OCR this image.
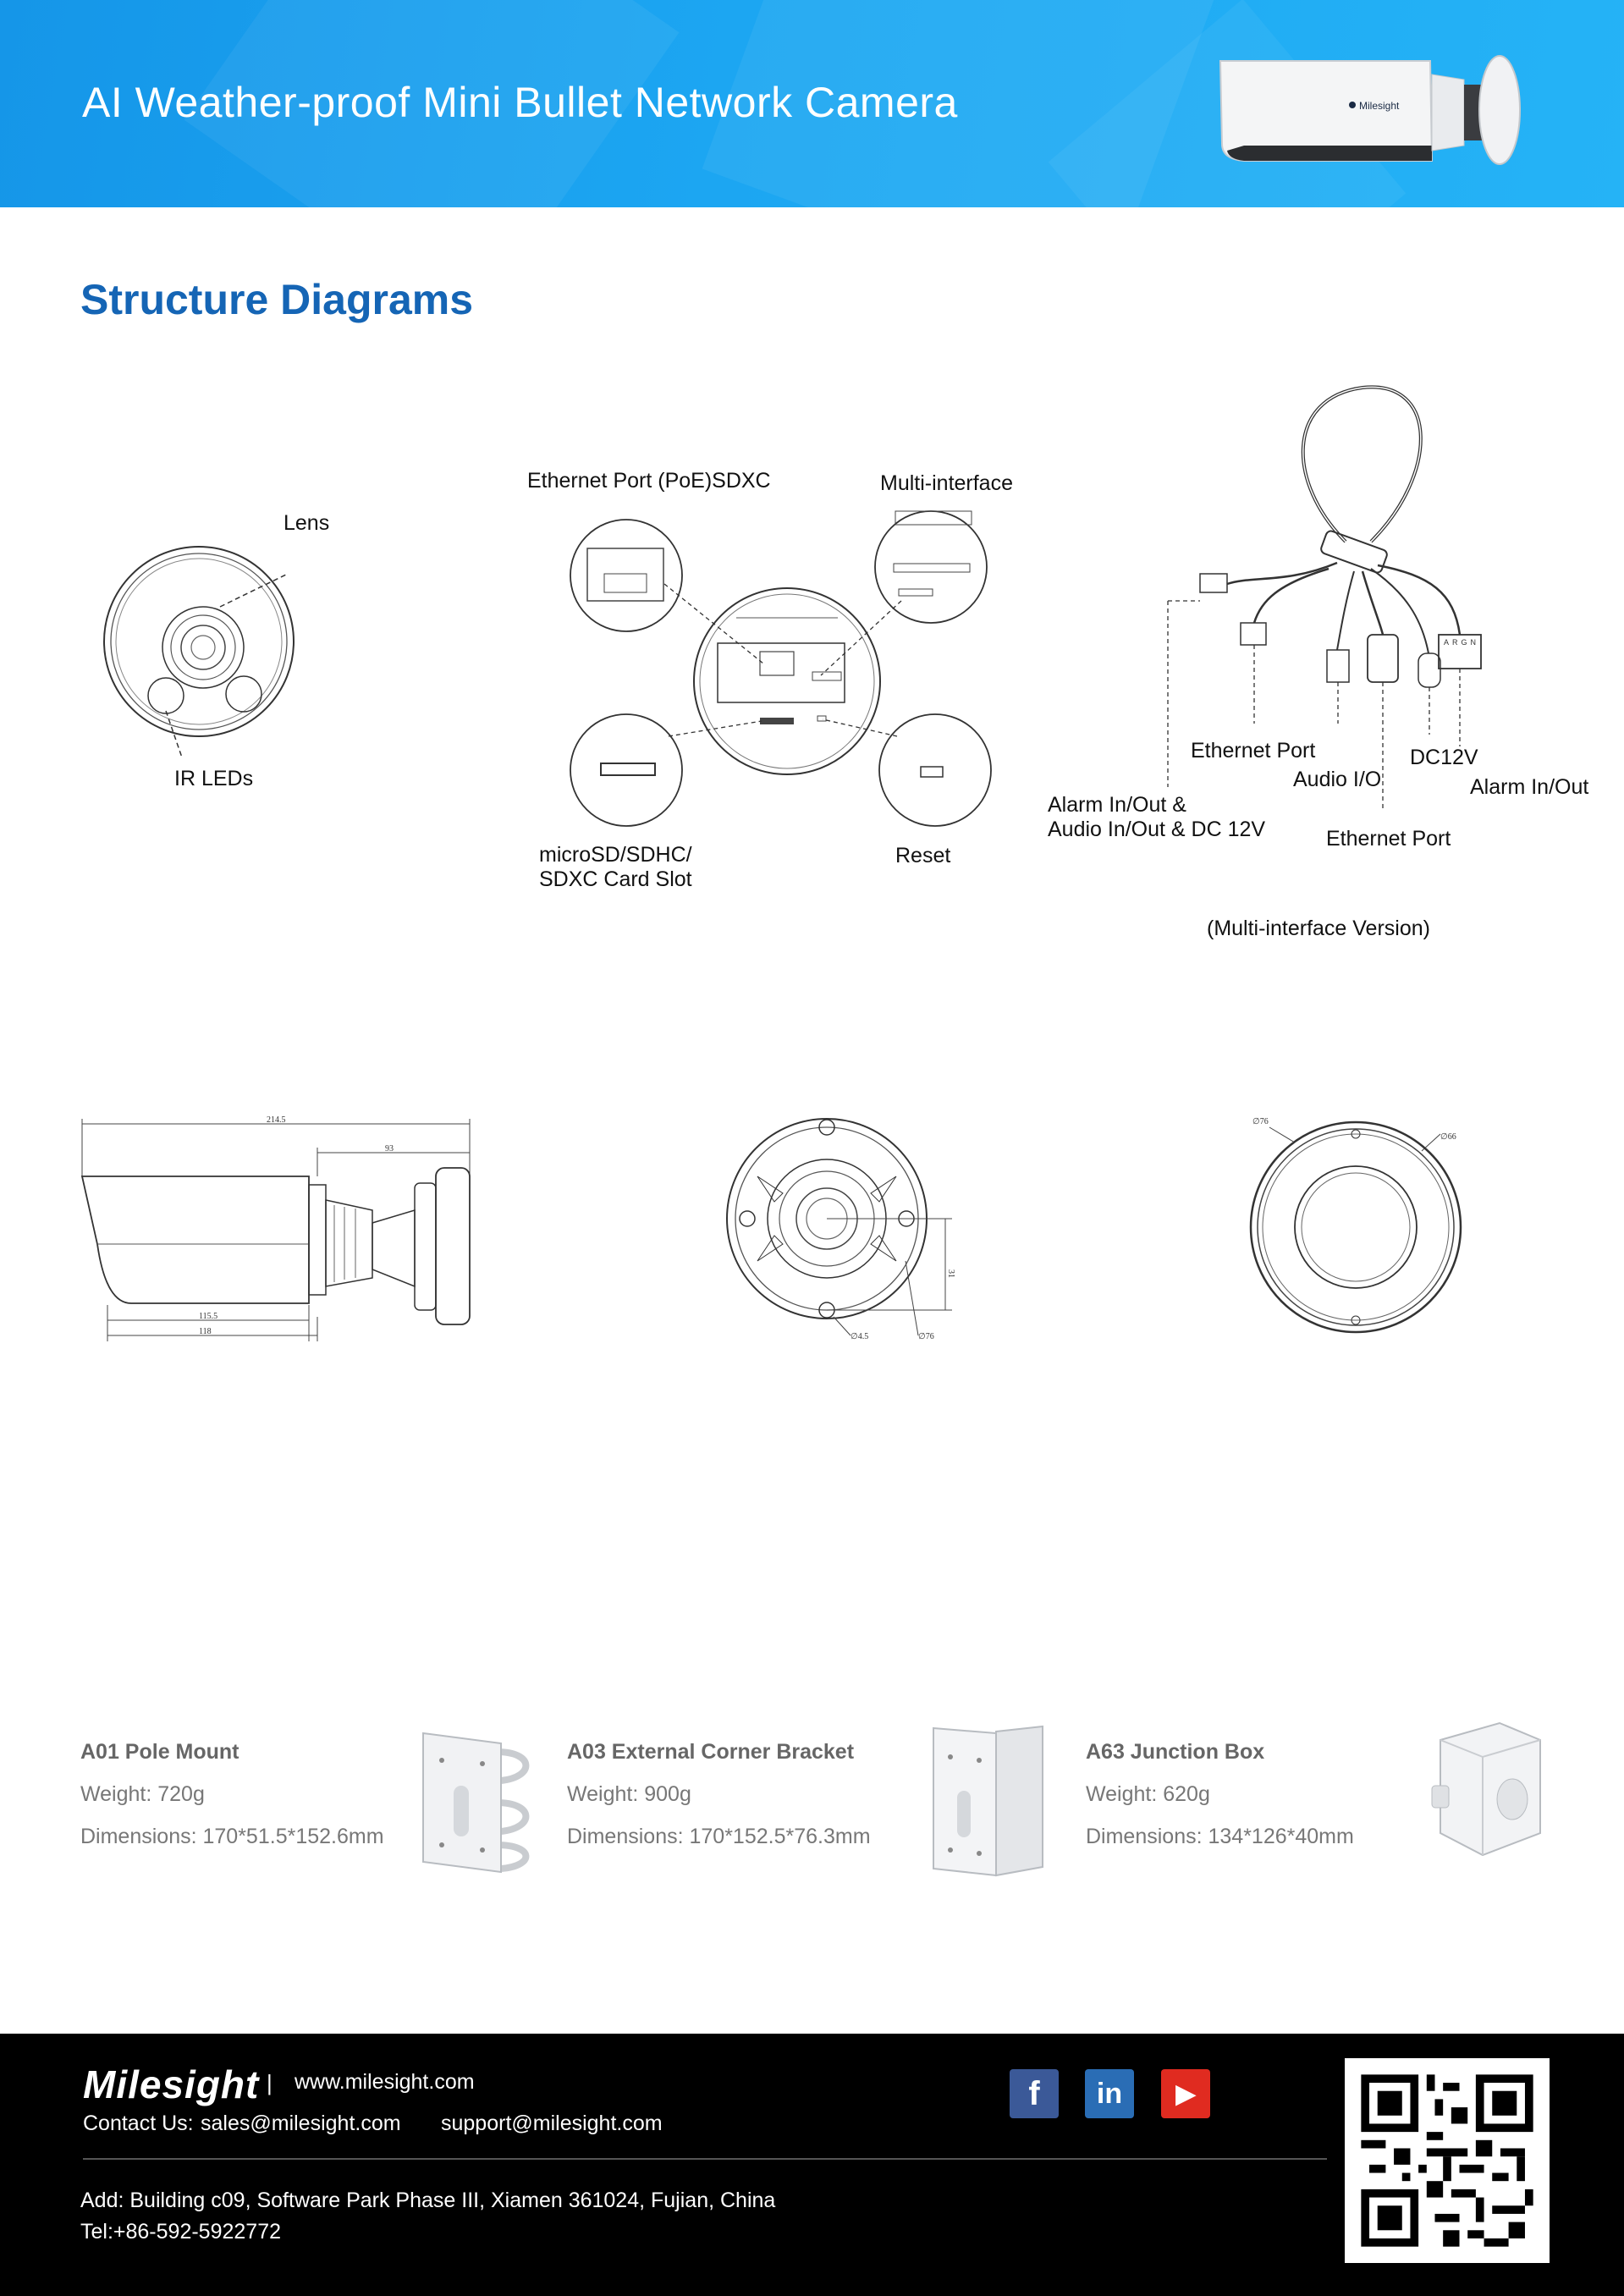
AI Weather-proof Mini Bullet Network Camera	Milesight
Structure Diagrams
Lens
IR LEDs
Ethernet Port (PoE)SDXC	Multi-interface
microSD/SDHC/
SDXC Card Slot
Reset
ARGN
Ethernet Port
Audio I/O
DC12V
Alarm In/Out
Alarm In/Out &
Audio In/Out & DC 12V	Ethernet Port
(Multi-interface Version)
214.5
93
115.5
118
31
∅4.5	∅76
∅76
∅66
A01 Pole Mount
Weight: 720g
Dimensions: 170*51.5*152.6mm
A03 External Corner Bracket
Weight: 900g
Dimensions: 170*152.5*76.3mm
A63 Junction Box
Weight: 620g
Dimensions: 134*126*40mm
Milesight | www.milesight.com
Contact Us: sales@milesight.com support@milesight.com
Add: Building c09, Software Park Phase III, Xiamen 361024, Fujian, China
Tel:+86-592-5922772
f in ▶
